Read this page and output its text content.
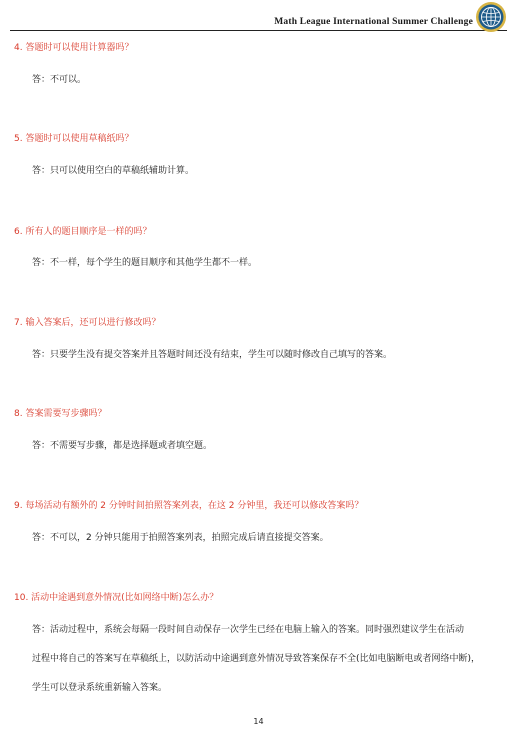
Math League International Summer Challenge
4. 答题时可以使用计算器吗？
答：不可以。
5. 答题时可以使用草稿纸吗？
答：只可以使用空白的草稿纸辅助计算。
6. 所有人的题目顺序是一样的吗？
答：不一样，每个学生的题目顺序和其他学生都不一样。
7. 输入答案后，还可以进行修改吗？
答：只要学生没有提交答案并且答题时间还没有结束，学生可以随时修改自己填写的答案。
8. 答案需要写步骤吗？
答：不需要写步骤，都是选择题或者填空题。
9. 每场活动有额外的 2 分钟时间拍照答案列表，在这 2 分钟里，我还可以修改答案吗？
答：不可以，2 分钟只能用于拍照答案列表，拍照完成后请直接提交答案。
10. 活动中途遇到意外情况(比如网络中断)怎么办？
答：活动过程中，系统会每隔一段时间自动保存一次学生已经在电脑上输入的答案。同时强烈建议学生在活动
过程中将自己的答案写在草稿纸上，以防活动中途遇到意外情况导致答案保存不全(比如电脑断电或者网络中断)，
学生可以登录系统重新输入答案。
14
